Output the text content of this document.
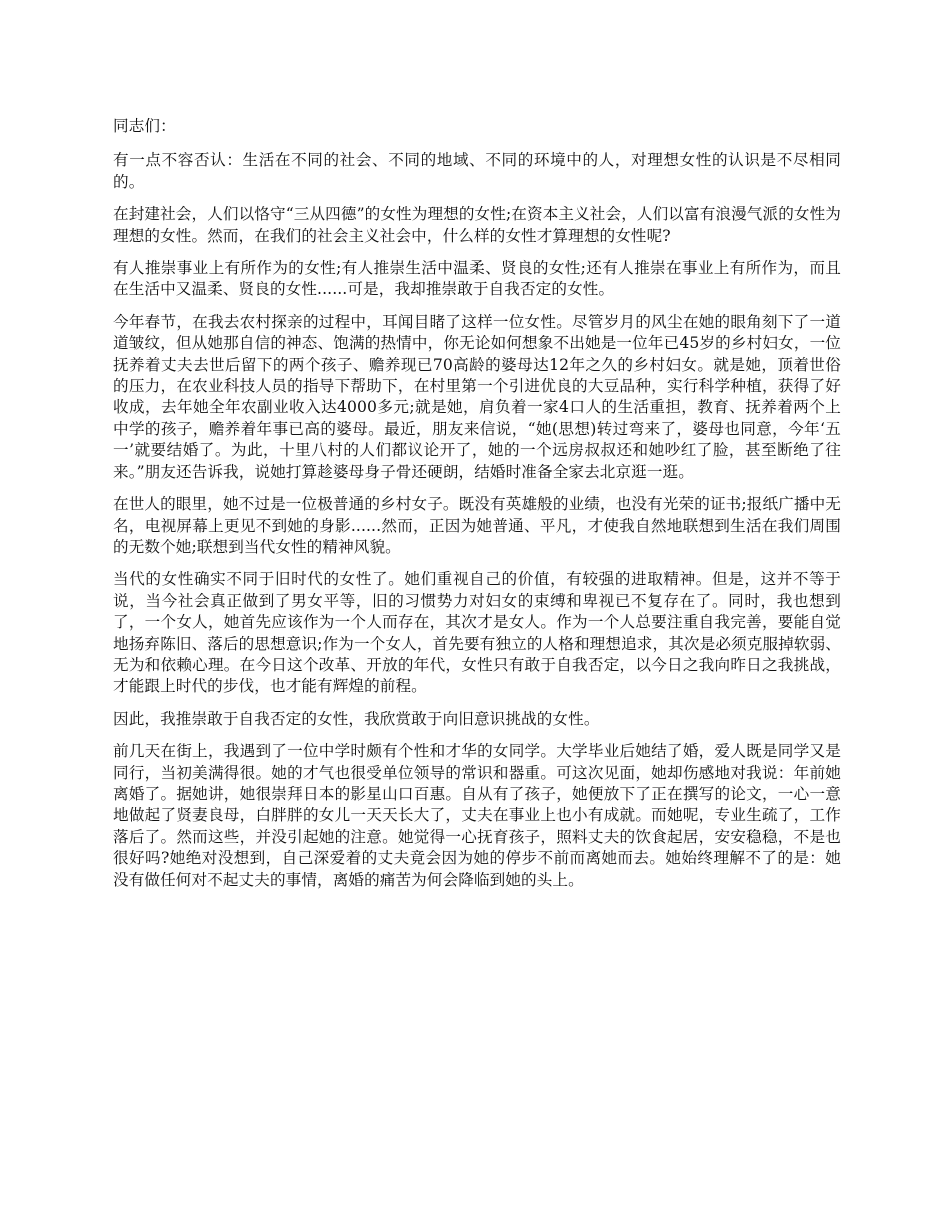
同志们：

有一点不容否认：生活在不同的社会、不同的地域、不同的环境中的人，对理想女性的认识是不尽相同的。

在封建社会，人们以恪守“三从四德”的女性为理想的女性;在资本主义社会，人们以富有浪漫气派的女性为理想的女性。然而，在我们的社会主义社会中，什么样的女性才算理想的女性呢?

有人推崇事业上有所作为的女性;有人推崇生活中温柔、贤良的女性;还有人推崇在事业上有所作为，而且在生活中又温柔、贤良的女性......可是，我却推崇敢于自我否定的女性。

今年春节，在我去农村探亲的过程中，耳闻目睹了这样一位女性。尽管岁月的风尘在她的眼角刻下了一道道皱纹，但从她那自信的神态、饱满的热情中，你无论如何想象不出她是一位年已45岁的乡村妇女，一位抚养着丈夫去世后留下的两个孩子、赡养现已70高龄的婆母达12年之久的乡村妇女。就是她，顶着世俗的压力，在农业科技人员的指导下帮助下，在村里第一个引进优良的大豆品种，实行科学种植，获得了好收成，去年她全年农副业收入达4000多元;就是她，肩负着一家4口人的生活重担，教育、抚养着两个上中学的孩子，赡养着年事已高的婆母。最近，朋友来信说，“她(思想)转过弯来了，婆母也同意，今年‘五一’就要结婚了。为此，十里八村的人们都议论开了，她的一个远房叔叔还和她吵红了脸，甚至断绝了往来。”朋友还告诉我，说她打算趁婆母身子骨还硬朗，结婚时准备全家去北京逛一逛。

在世人的眼里，她不过是一位极普通的乡村女子。既没有英雄般的业绩，也没有光荣的证书;报纸广播中无名，电视屏幕上更见不到她的身影......然而，正因为她普通、平凡，才使我自然地联想到生活在我们周围的无数个她;联想到当代女性的精神风貌。

当代的女性确实不同于旧时代的女性了。她们重视自己的价值，有较强的进取精神。但是，这并不等于说，当今社会真正做到了男女平等，旧的习惯势力对妇女的束缚和卑视已不复存在了。同时，我也想到了，一个女人，她首先应该作为一个人而存在，其次才是女人。作为一个人总要注重自我完善，要能自觉地扬弃陈旧、落后的思想意识;作为一个女人，首先要有独立的人格和理想追求，其次是必须克服掉软弱、无为和依赖心理。在今日这个改革、开放的年代，女性只有敢于自我否定，以今日之我向昨日之我挑战，才能跟上时代的步伐，也才能有辉煌的前程。

因此，我推崇敢于自我否定的女性，我欣赏敢于向旧意识挑战的女性。

前几天在街上，我遇到了一位中学时颇有个性和才华的女同学。大学毕业后她结了婚，爱人既是同学又是同行，当初美满得很。她的才气也很受单位领导的常识和器重。可这次见面，她却伤感地对我说：年前她离婚了。据她讲，她很崇拜日本的影星山口百惠。自从有了孩子，她便放下了正在撰写的论文，一心一意地做起了贤妻良母，白胖胖的女儿一天天长大了，丈夫在事业上也小有成就。而她呢，专业生疏了，工作落后了。然而这些，并没引起她的注意。她觉得一心抚育孩子，照料丈夫的饮食起居，安安稳稳，不是也很好吗?她绝对没想到，自己深爱着的丈夫竟会因为她的停步不前而离她而去。她始终理解不了的是：她没有做任何对不起丈夫的事情，离婚的痛苦为何会降临到她的头上。
